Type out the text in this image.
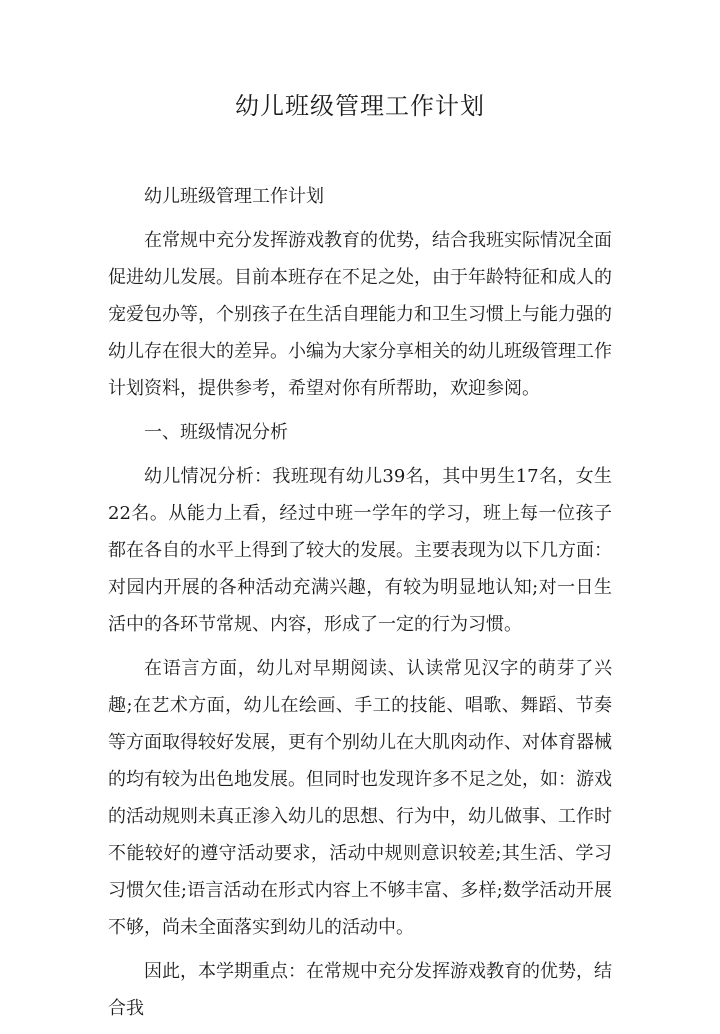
幼儿班级管理工作计划

幼儿班级管理工作计划

在常规中充分发挥游戏教育的优势，结合我班实际情况全面促进幼儿发展。目前本班存在不足之处，由于年龄特征和成人的宠爱包办等，个别孩子在生活自理能力和卫生习惯上与能力强的幼儿存在很大的差异。小编为大家分享相关的幼儿班级管理工作计划资料，提供参考，希望对你有所帮助，欢迎参阅。

一、班级情况分析

幼儿情况分析：我班现有幼儿39名，其中男生17名，女生22名。从能力上看，经过中班一学年的学习，班上每一位孩子都在各自的水平上得到了较大的发展。主要表现为以下几方面：对园内开展的各种活动充满兴趣，有较为明显地认知;对一日生活中的各环节常规、内容，形成了一定的行为习惯。

在语言方面，幼儿对早期阅读、认读常见汉字的萌芽了兴趣;在艺术方面，幼儿在绘画、手工的技能、唱歌、舞蹈、节奏等方面取得较好发展，更有个别幼儿在大肌肉动作、对体育器械的均有较为出色地发展。但同时也发现许多不足之处，如：游戏的活动规则未真正渗入幼儿的思想、行为中，幼儿做事、工作时不能较好的遵守活动要求，活动中规则意识较差;其生活、学习习惯欠佳;语言活动在形式内容上不够丰富、多样;数学活动开展不够，尚未全面落实到幼儿的活动中。

因此，本学期重点：在常规中充分发挥游戏教育的优势，结合我
